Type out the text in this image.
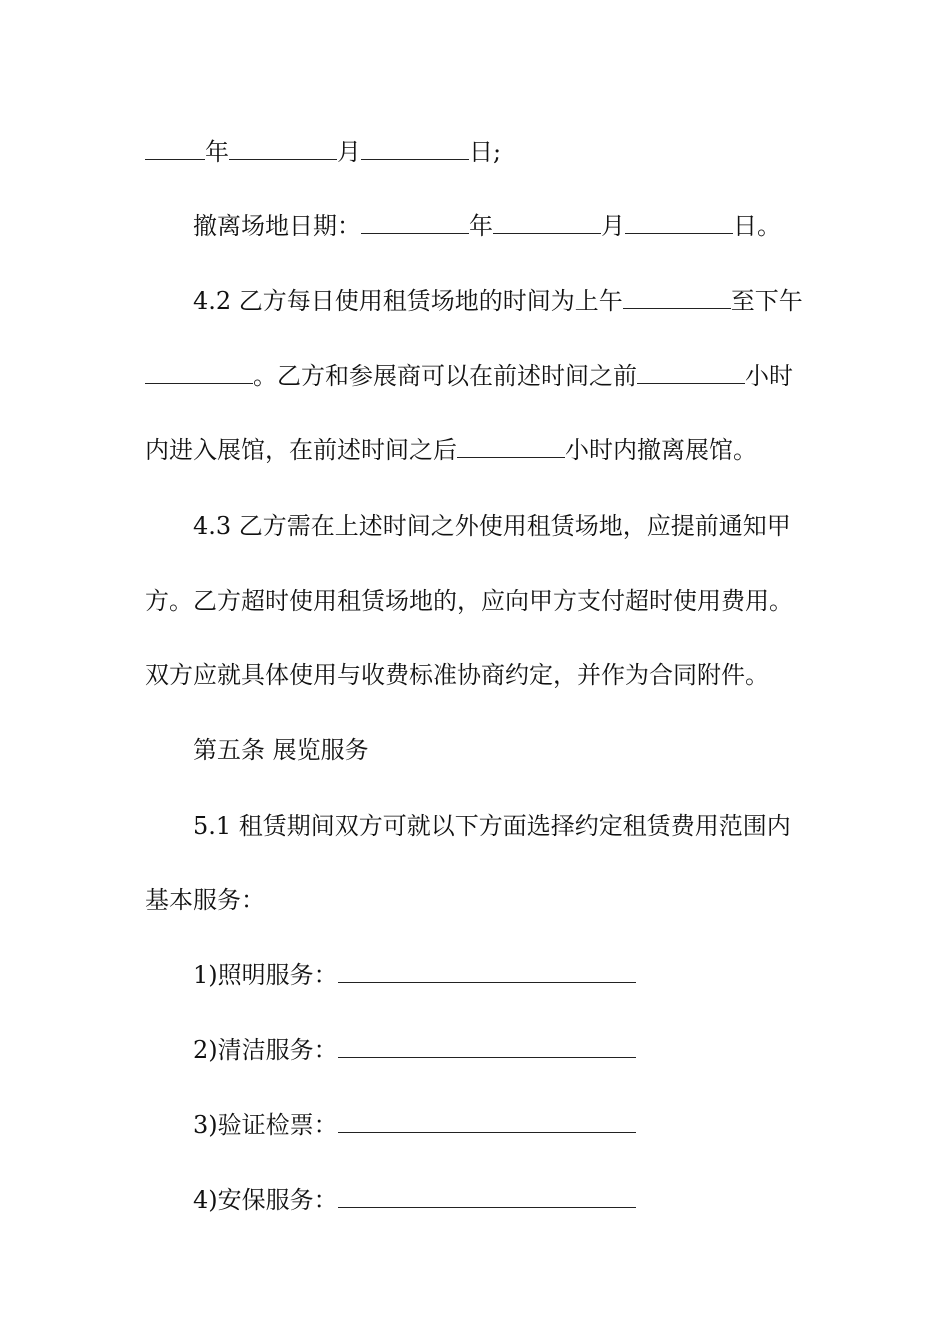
年	月	日;
撤离场地日期：	年	月	日。
4.2 乙方每日使用租赁场地的时间为上午	至下午
。乙方和参展商可以在前述时间之前	小时
内进入展馆，在前述时间之后	小时内撤离展馆。
4.3 乙方需在上述时间之外使用租赁场地，应提前通知甲
方。乙方超时使用租赁场地的，应向甲方支付超时使用费用。
双方应就具体使用与收费标准协商约定，并作为合同附件。
第五条 展览服务
5.1 租赁期间双方可就以下方面选择约定租赁费用范围内
基本服务：
1)照明服务：
2)清洁服务：
3)验证检票：
4)安保服务：
